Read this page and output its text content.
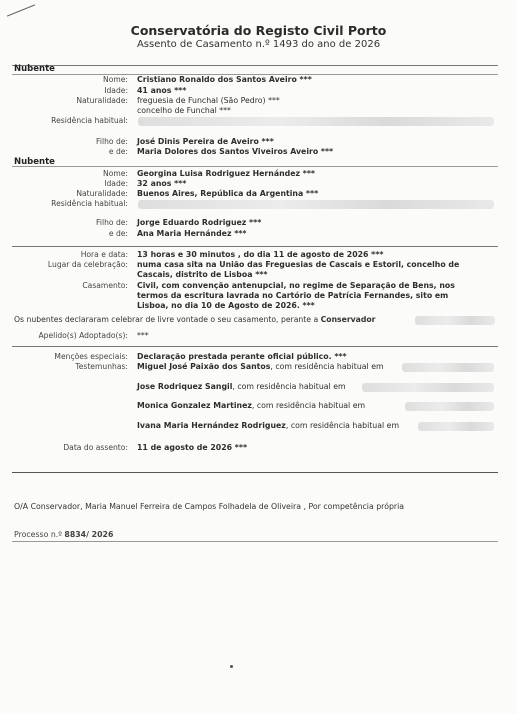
Conservatória do Registo Civil Porto
Assento de Casamento n.º 1493 do ano de 2026
Nubente
Nome: Cristiano Ronaldo dos Santos Aveiro ***
Idade: 41 anos ***
Naturalidade: freguesia de Funchal (São Pedro) ***
concelho de Funchal ***
Residência habitual:
Filho de: José Dinis Pereira de Aveiro ***
e de: Maria Dolores dos Santos Viveiros Aveiro ***
Nubente
Nome: Georgina Luisa Rodriguez Hernández ***
Idade: 32 anos ***
Naturalidade: Buenos Aires, República da Argentina ***
Residência habitual:
Filho de: Jorge Eduardo Rodriguez ***
e de: Ana Maria Hernández ***
Hora e data: 13 horas e 30 minutos , do dia 11 de agosto de 2026 ***
Lugar da celebração: numa casa sita na União das Freguesias de Cascais e Estoril, concelho de
Cascais, distrito de Lisboa ***
Casamento: Civil, com convenção antenupcial, no regime de Separação de Bens, nos
termos da escritura lavrada no Cartório de Patrícia Fernandes, sito em
Lisboa, no dia 10 de Agosto de 2026. ***
Os nubentes declararam celebrar de livre vontade o seu casamento, perante a Conservador
Apelido(s) Adoptado(s): ***
Menções especiais: Declaração prestada perante oficial público. ***
Testemunhas: Miguel José Paixão dos Santos, com residência habitual em
Jose Rodriquez Sangil, com residência habitual em
Monica Gonzalez Martinez, com residência habitual em
Ivana Maria Hernández Rodriguez, com residência habitual em
Data do assento: 11 de agosto de 2026 ***
O/A Conservador, Maria Manuel Ferreira de Campos Folhadela de Oliveira , Por competência própria
Processo n.º 8834/ 2026
